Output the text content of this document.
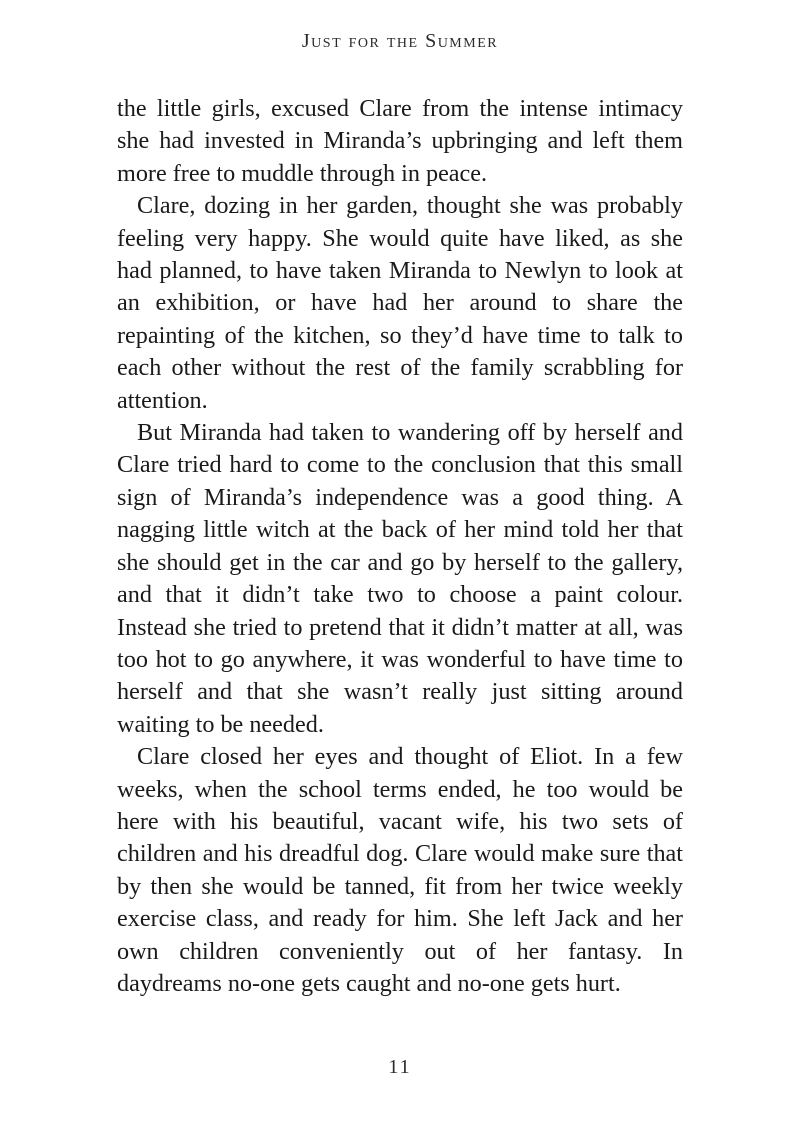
Just for the Summer

the little girls, excused Clare from the intense intimacy she had invested in Miranda’s upbringing and left them more free to muddle through in peace.

Clare, dozing in her garden, thought she was probably feeling very happy. She would quite have liked, as she had planned, to have taken Miranda to Newlyn to look at an exhibition, or have had her around to share the repainting of the kitchen, so they’d have time to talk to each other without the rest of the family scrabbling for attention.

But Miranda had taken to wandering off by herself and Clare tried hard to come to the conclusion that this small sign of Miranda’s independence was a good thing. A nagging little witch at the back of her mind told her that she should get in the car and go by herself to the gallery, and that it didn’t take two to choose a paint colour. Instead she tried to pretend that it didn’t matter at all, was too hot to go anywhere, it was wonderful to have time to herself and that she wasn’t really just sitting around waiting to be needed.

Clare closed her eyes and thought of Eliot. In a few weeks, when the school terms ended, he too would be here with his beautiful, vacant wife, his two sets of children and his dreadful dog. Clare would make sure that by then she would be tanned, fit from her twice weekly exercise class, and ready for him. She left Jack and her own children conveniently out of her fantasy. In daydreams no-one gets caught and no-one gets hurt.

11
